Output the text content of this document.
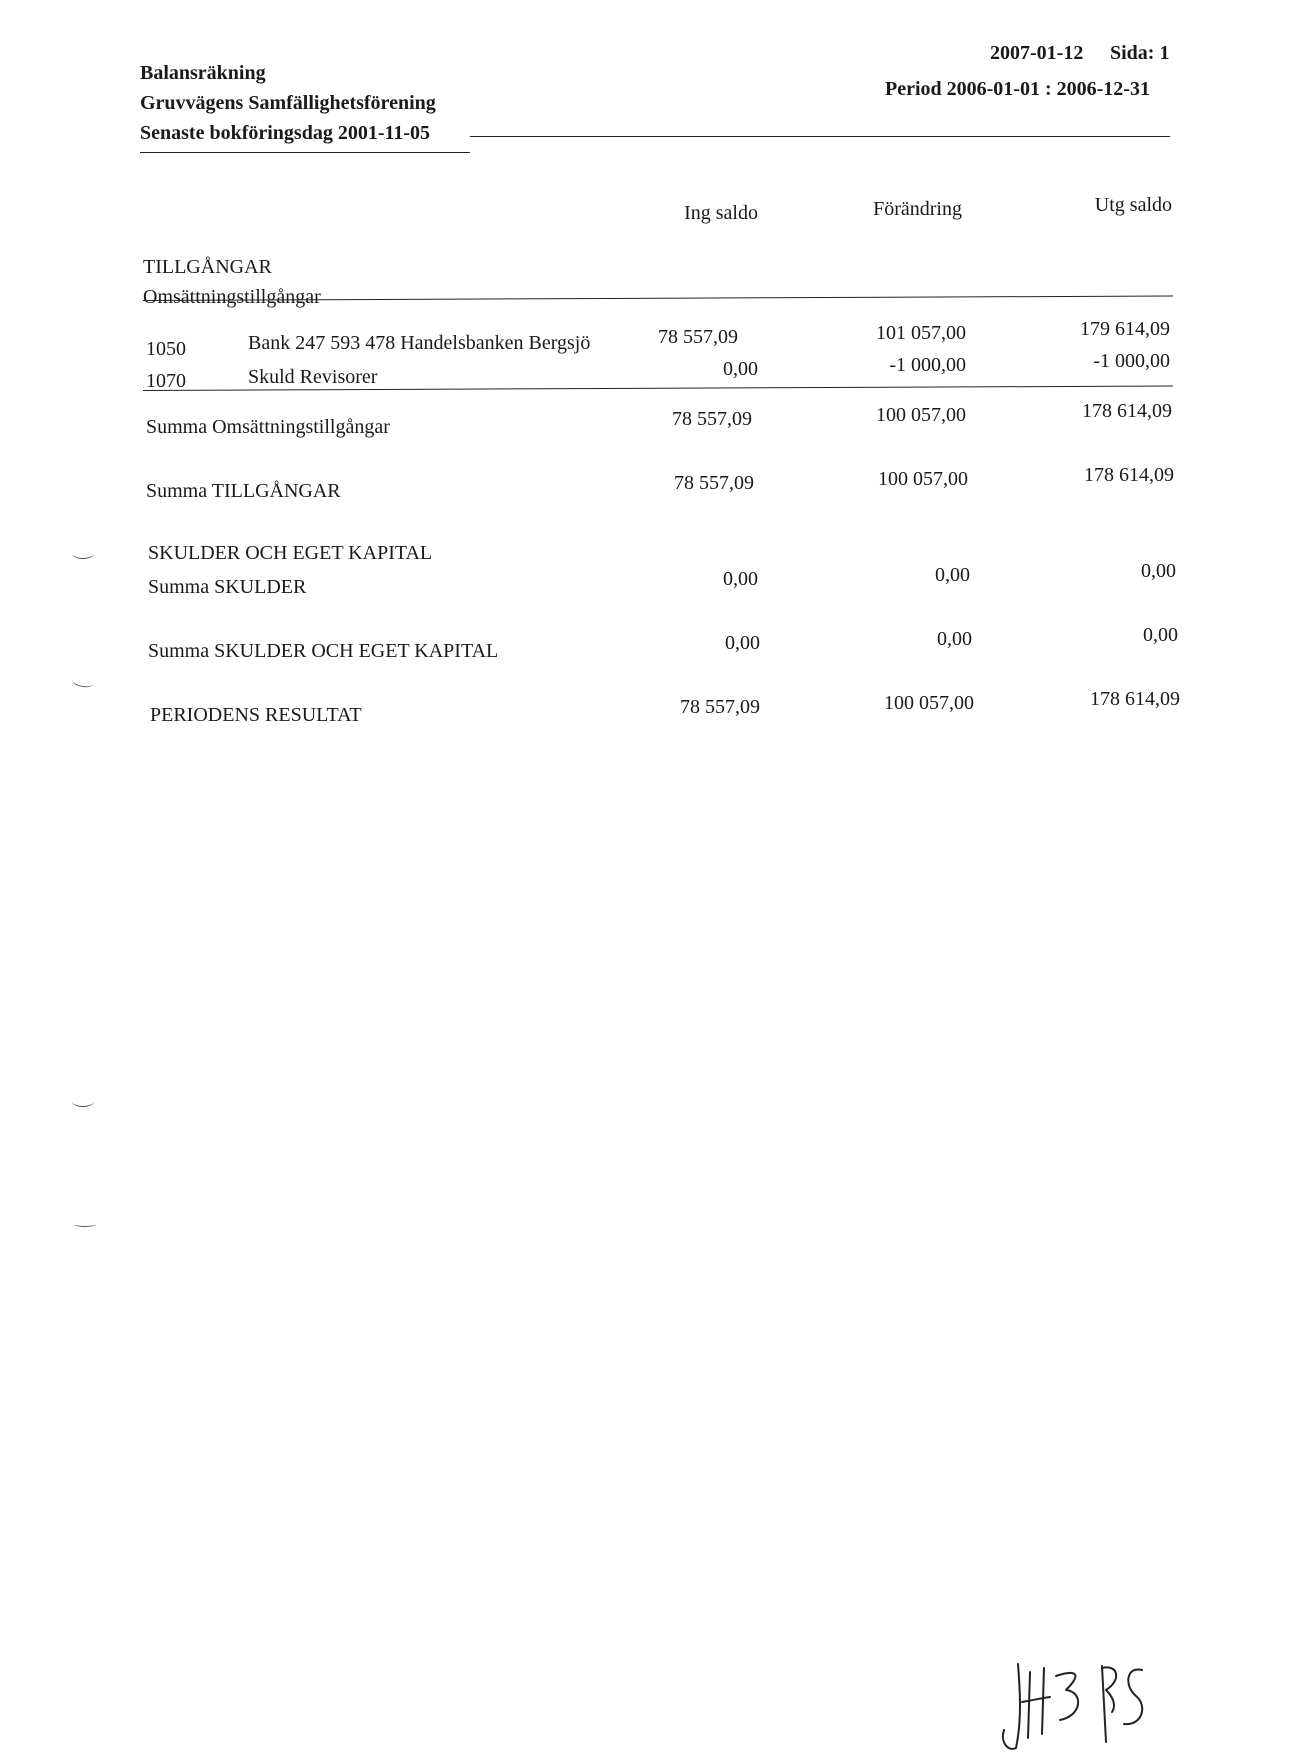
Balansräkning
Gruvvägens Samfällighetsförening
Senaste bokföringsdag 2001-11-05
2007-01-12 Sida: 1
Period 2006-01-01 : 2006-12-31
Ing saldo	Förändring	Utg saldo
TILLGÅNGAR
Omsättningstillgångar
1050	Bank 247 593 478 Handelsbanken Bergsjö	78 557,09	101 057,00	179 614,09
1070	Skuld Revisorer	0,00	-1 000,00	-1 000,00
Summa Omsättningstillgångar	78 557,09	100 057,00	178 614,09
Summa TILLGÅNGAR	78 557,09	100 057,00	178 614,09
SKULDER OCH EGET KAPITAL
Summa SKULDER	0,00	0,00	0,00
Summa SKULDER OCH EGET KAPITAL	0,00	0,00	0,00
PERIODENS RESULTAT	78 557,09	100 057,00	178 614,09
